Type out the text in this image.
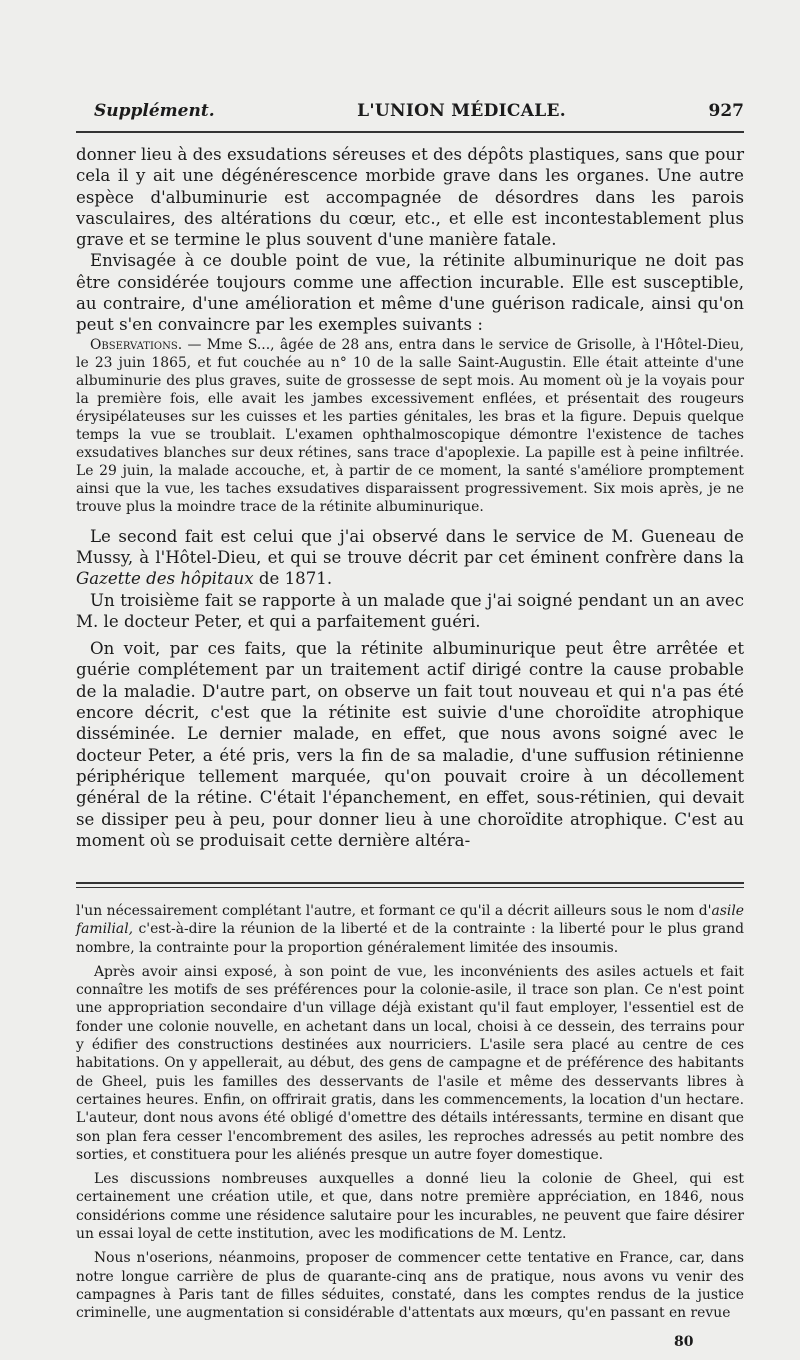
Supplément.	L'UNION MÉDICALE.	927

donner lieu à des exsudations séreuses et des dépôts plastiques, sans que pour cela il y ait une dégénérescence morbide grave dans les organes. Une autre espèce d'albuminurie est accompagnée de désordres dans les parois vasculaires, des altérations du cœur, etc., et elle est incontestablement plus grave et se termine le plus souvent d'une manière fatale.

Envisagée à ce double point de vue, la rétinite albuminurique ne doit pas être considérée toujours comme une affection incurable. Elle est susceptible, au contraire, d'une amélioration et même d'une guérison radicale, ainsi qu'on peut s'en convaincre par les exemples suivants :

Observations. — Mme S..., âgée de 28 ans, entra dans le service de Grisolle, à l'Hôtel-Dieu, le 23 juin 1865, et fut couchée au n° 10 de la salle Saint-Augustin. Elle était atteinte d'une albuminurie des plus graves, suite de grossesse de sept mois. Au moment où je la voyais pour la première fois, elle avait les jambes excessivement enflées, et présentait des rougeurs érysipélateuses sur les cuisses et les parties génitales, les bras et la figure. Depuis quelque temps la vue se troublait. L'examen ophthalmoscopique démontre l'existence de taches exsudatives blanches sur deux rétines, sans trace d'apoplexie. La papille est à peine infiltrée. Le 29 juin, la malade accouche, et, à partir de ce moment, la santé s'améliore promptement ainsi que la vue, les taches exsudatives disparaissent progressivement. Six mois après, je ne trouve plus la moindre trace de la rétinite albuminurique.

Le second fait est celui que j'ai observé dans le service de M. Gueneau de Mussy, à l'Hôtel-Dieu, et qui se trouve décrit par cet éminent confrère dans la Gazette des hôpitaux de 1871.

Un troisième fait se rapporte à un malade que j'ai soigné pendant un an avec M. le docteur Peter, et qui a parfaitement guéri.

On voit, par ces faits, que la rétinite albuminurique peut être arrêtée et guérie complétement par un traitement actif dirigé contre la cause probable de la maladie. D'autre part, on observe un fait tout nouveau et qui n'a pas été encore décrit, c'est que la rétinite est suivie d'une choroïdite atrophique disséminée. Le dernier malade, en effet, que nous avons soigné avec le docteur Peter, a été pris, vers la fin de sa maladie, d'une suffusion rétinienne périphérique tellement marquée, qu'on pouvait croire à un décollement général de la rétine. C'était l'épanchement, en effet, sous-rétinien, qui devait se dissiper peu à peu, pour donner lieu à une choroïdite atrophique. C'est au moment où se produisait cette dernière altéra-

l'un nécessairement complétant l'autre, et formant ce qu'il a décrit ailleurs sous le nom d'asile familial, c'est-à-dire la réunion de la liberté et de la contrainte : la liberté pour le plus grand nombre, la contrainte pour la proportion généralement limitée des insoumis.

Après avoir ainsi exposé, à son point de vue, les inconvénients des asiles actuels et fait connaître les motifs de ses préférences pour la colonie-asile, il trace son plan. Ce n'est point une appropriation secondaire d'un village déjà existant qu'il faut employer, l'essentiel est de fonder une colonie nouvelle, en achetant dans un local, choisi à ce dessein, des terrains pour y édifier des constructions destinées aux nourriciers. L'asile sera placé au centre de ces habitations. On y appellerait, au début, des gens de campagne et de préférence des habitants de Gheel, puis les familles des desservants de l'asile et même des desservants libres à certaines heures. Enfin, on offrirait gratis, dans les commencements, la location d'un hectare. L'auteur, dont nous avons été obligé d'omettre des détails intéressants, termine en disant que son plan fera cesser l'encombrement des asiles, les reproches adressés au petit nombre des sorties, et constituera pour les aliénés presque un autre foyer domestique.

Les discussions nombreuses auxquelles a donné lieu la colonie de Gheel, qui est certainement une création utile, et que, dans notre première appréciation, en 1846, nous considérions comme une résidence salutaire pour les incurables, ne peuvent que faire désirer un essai loyal de cette institution, avec les modifications de M. Lentz.

Nous n'oserions, néanmoins, proposer de commencer cette tentative en France, car, dans notre longue carrière de plus de quarante-cinq ans de pratique, nous avons vu venir des campagnes à Paris tant de filles séduites, constaté, dans les comptes rendus de la justice criminelle, une augmentation si considérable d'attentats aux mœurs, qu'en passant en revue

80
